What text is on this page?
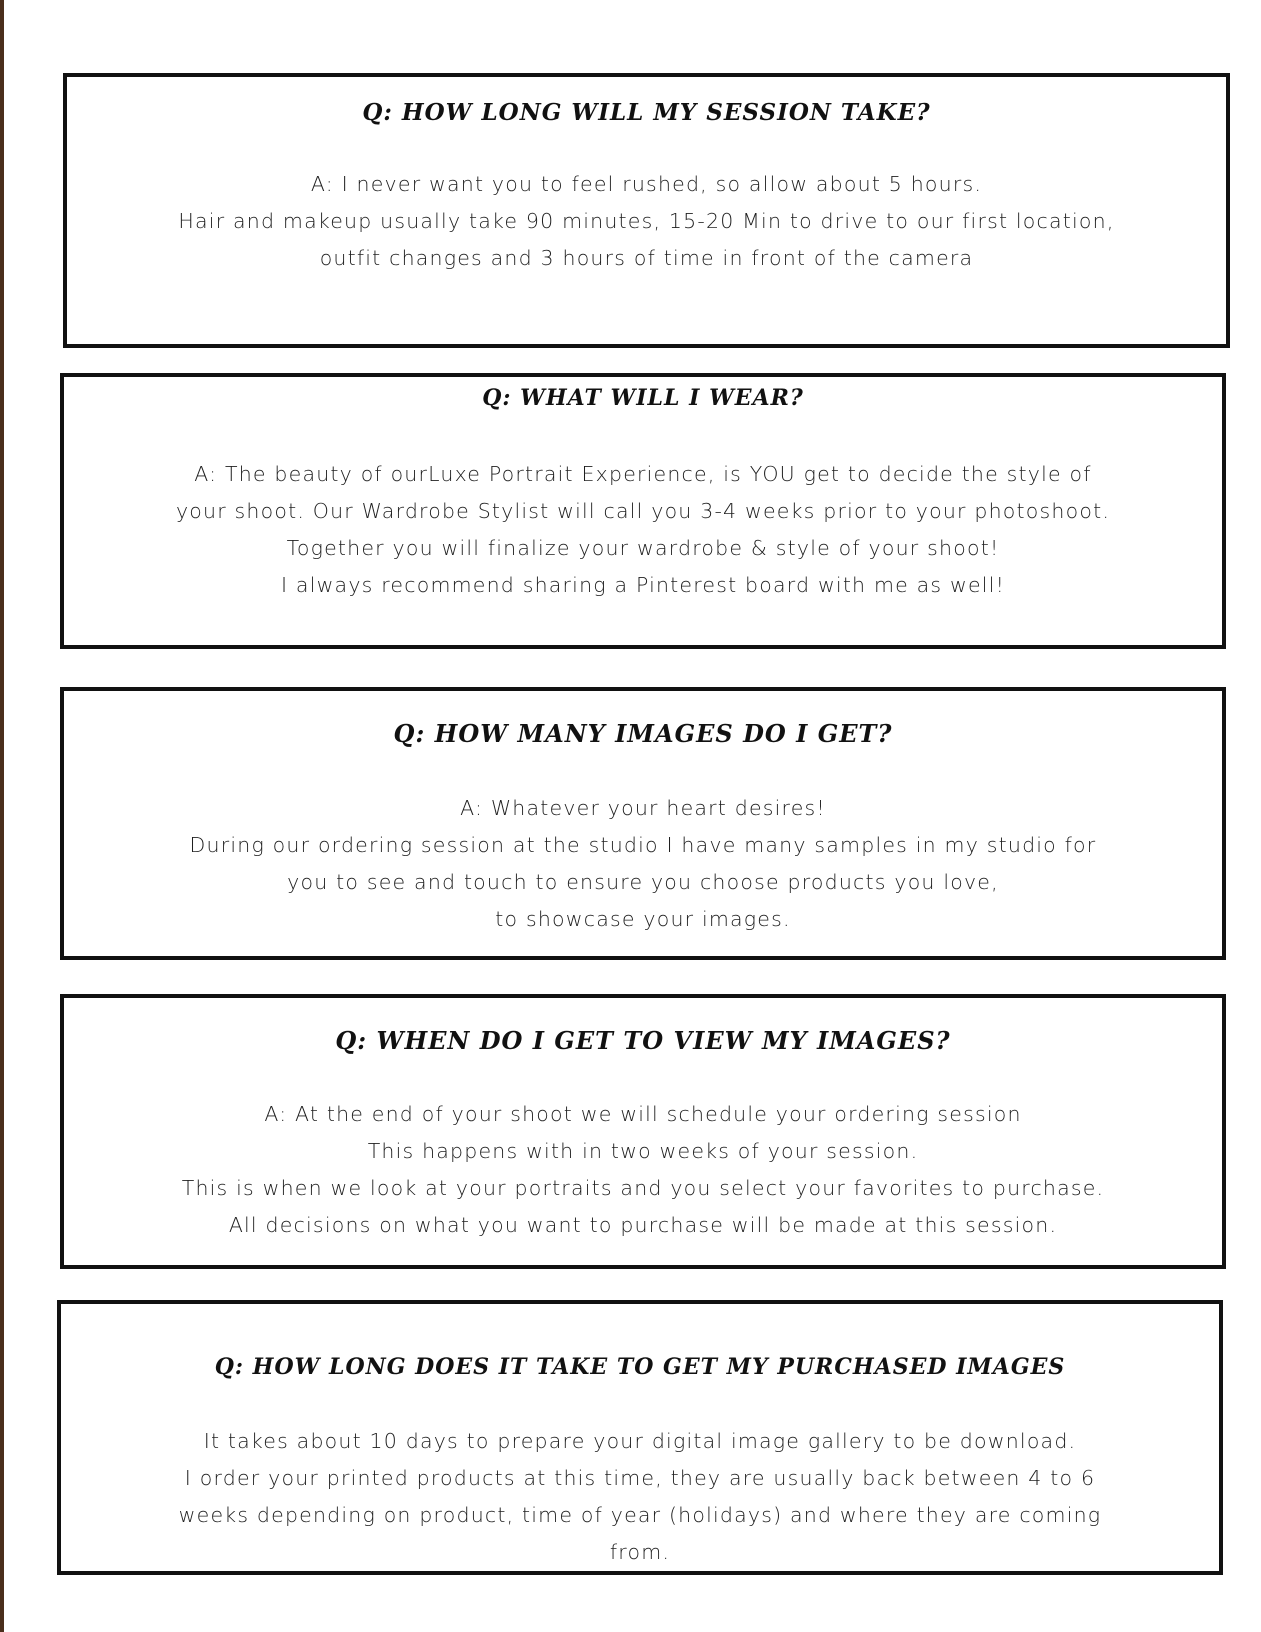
Q: HOW LONG WILL MY SESSION TAKE?
A: I never want you to feel rushed, so allow about 5 hours.
Hair and makeup usually take 90 minutes, 15-20 Min to drive to our first location,
outfit changes and 3 hours of time in front of the camera
Q: WHAT WILL I WEAR?
A: The beauty of ourLuxe Portrait Experience, is YOU get to decide the style of
your shoot. Our Wardrobe Stylist will call you 3-4 weeks prior to your photoshoot.
Together you will finalize your wardrobe & style of your shoot!
I always recommend sharing a Pinterest board with me as well!
Q: HOW MANY IMAGES DO I GET?
A: Whatever your heart desires!
During our ordering session at the studio I have many samples in my studio for
you to see and touch to ensure you choose products you love,
to showcase your images.
Q: WHEN DO I GET TO VIEW MY IMAGES?
A: At the end of your shoot we will schedule your ordering session
This happens with in two weeks of your session.
This is when we look at your portraits and you select your favorites to purchase.
All decisions on what you want to purchase will be made at this session.
Q: HOW LONG DOES IT TAKE TO GET MY PURCHASED IMAGES
It takes about 10 days to prepare your digital image gallery to be download.
I order your printed products at this time, they are usually back between 4 to 6
weeks depending on product, time of year (holidays) and where they are coming
from.
